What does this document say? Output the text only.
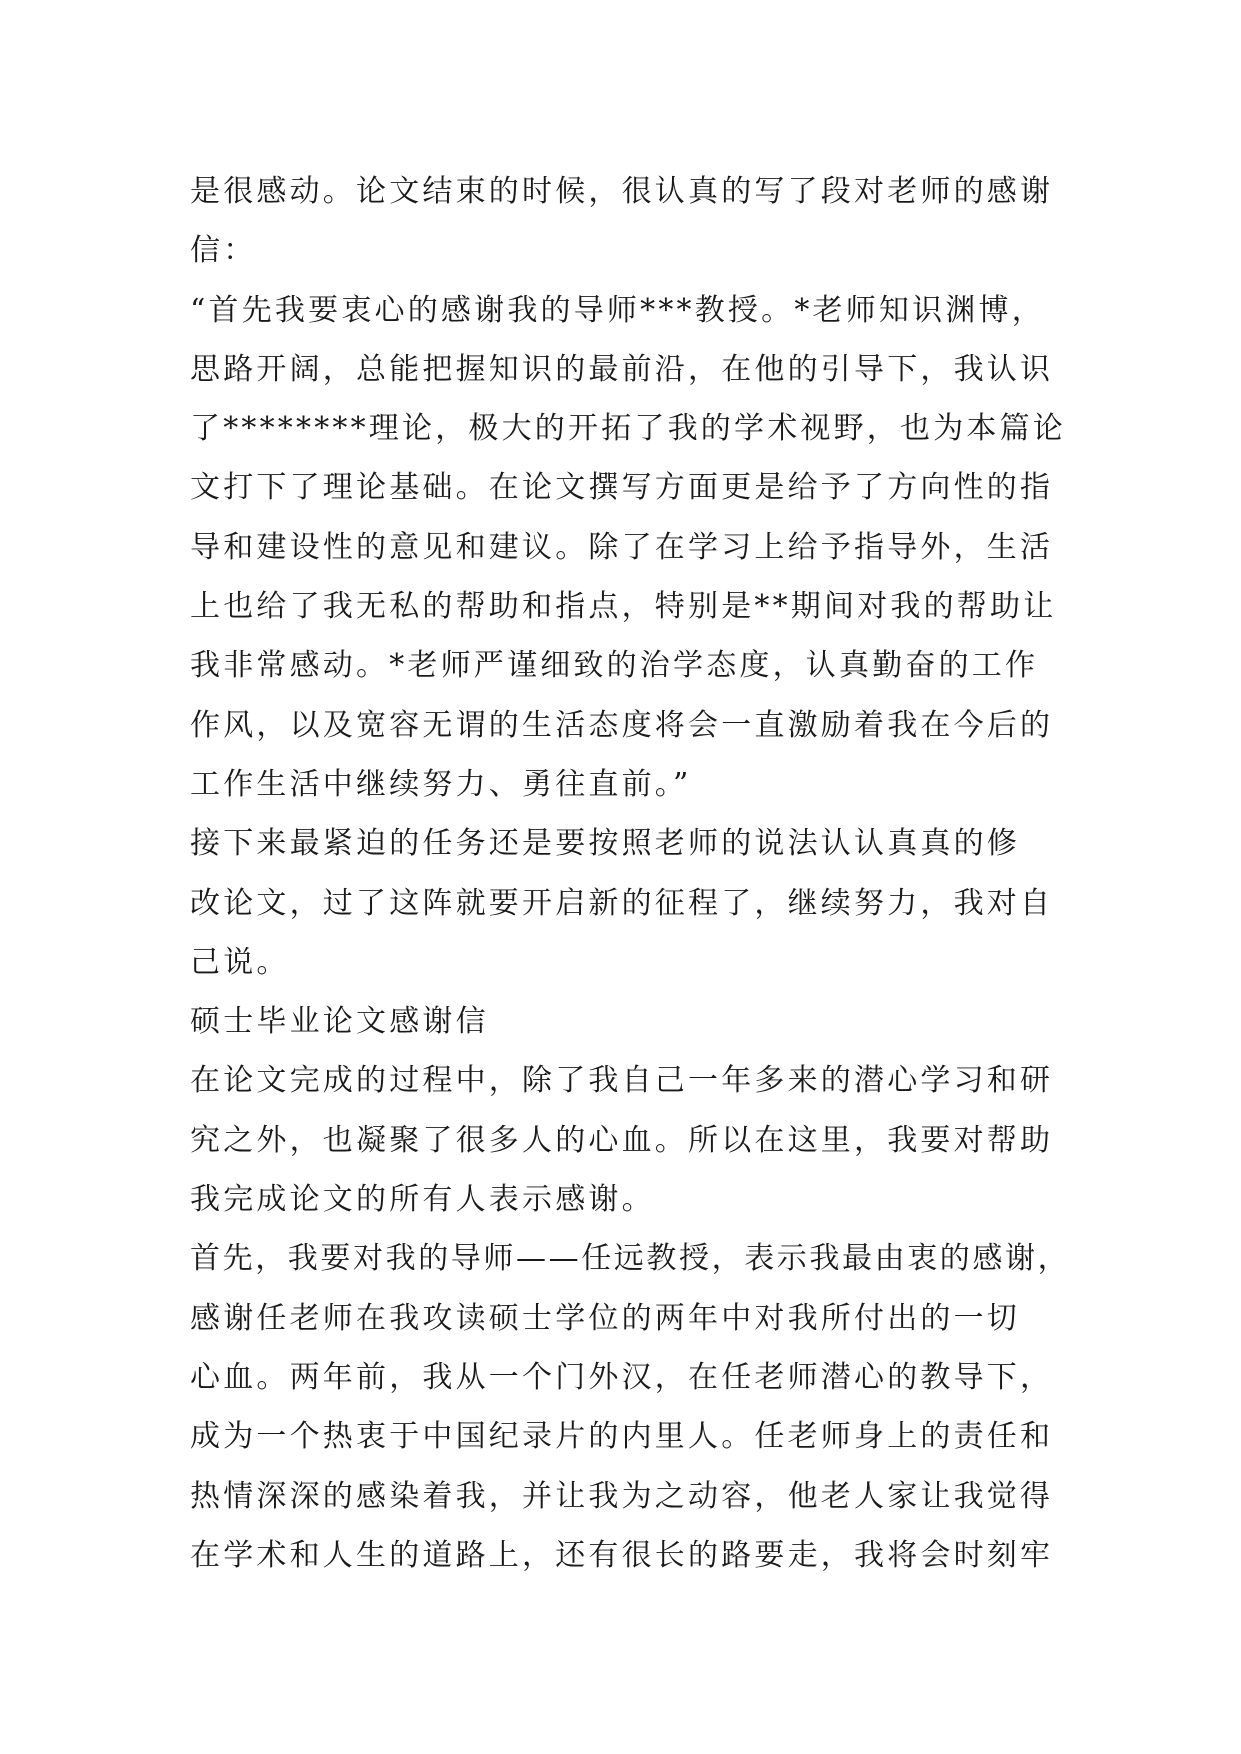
是很感动。论文结束的时候，很认真的写了段对老师的感谢
信：
“首先我要衷心的感谢我的导师***教授。*老师知识渊博，
思路开阔，总能把握知识的最前沿，在他的引导下，我认识
了********理论，极大的开拓了我的学术视野，也为本篇论
文打下了理论基础。在论文撰写方面更是给予了方向性的指
导和建设性的意见和建议。除了在学习上给予指导外，生活
上也给了我无私的帮助和指点，特别是**期间对我的帮助让
我非常感动。*老师严谨细致的治学态度，认真勤奋的工作
作风，以及宽容无谓的生活态度将会一直激励着我在今后的
工作生活中继续努力、勇往直前。”
接下来最紧迫的任务还是要按照老师的说法认认真真的修
改论文，过了这阵就要开启新的征程了，继续努力，我对自
己说。
硕士毕业论文感谢信
在论文完成的过程中，除了我自己一年多来的潜心学习和研
究之外，也凝聚了很多人的心血。所以在这里，我要对帮助
我完成论文的所有人表示感谢。
首先，我要对我的导师——任远教授，表示我最由衷的感谢，
感谢任老师在我攻读硕士学位的两年中对我所付出的一切
心血。两年前，我从一个门外汉，在任老师潜心的教导下，
成为一个热衷于中国纪录片的内里人。任老师身上的责任和
热情深深的感染着我，并让我为之动容，他老人家让我觉得
在学术和人生的道路上，还有很长的路要走，我将会时刻牢
